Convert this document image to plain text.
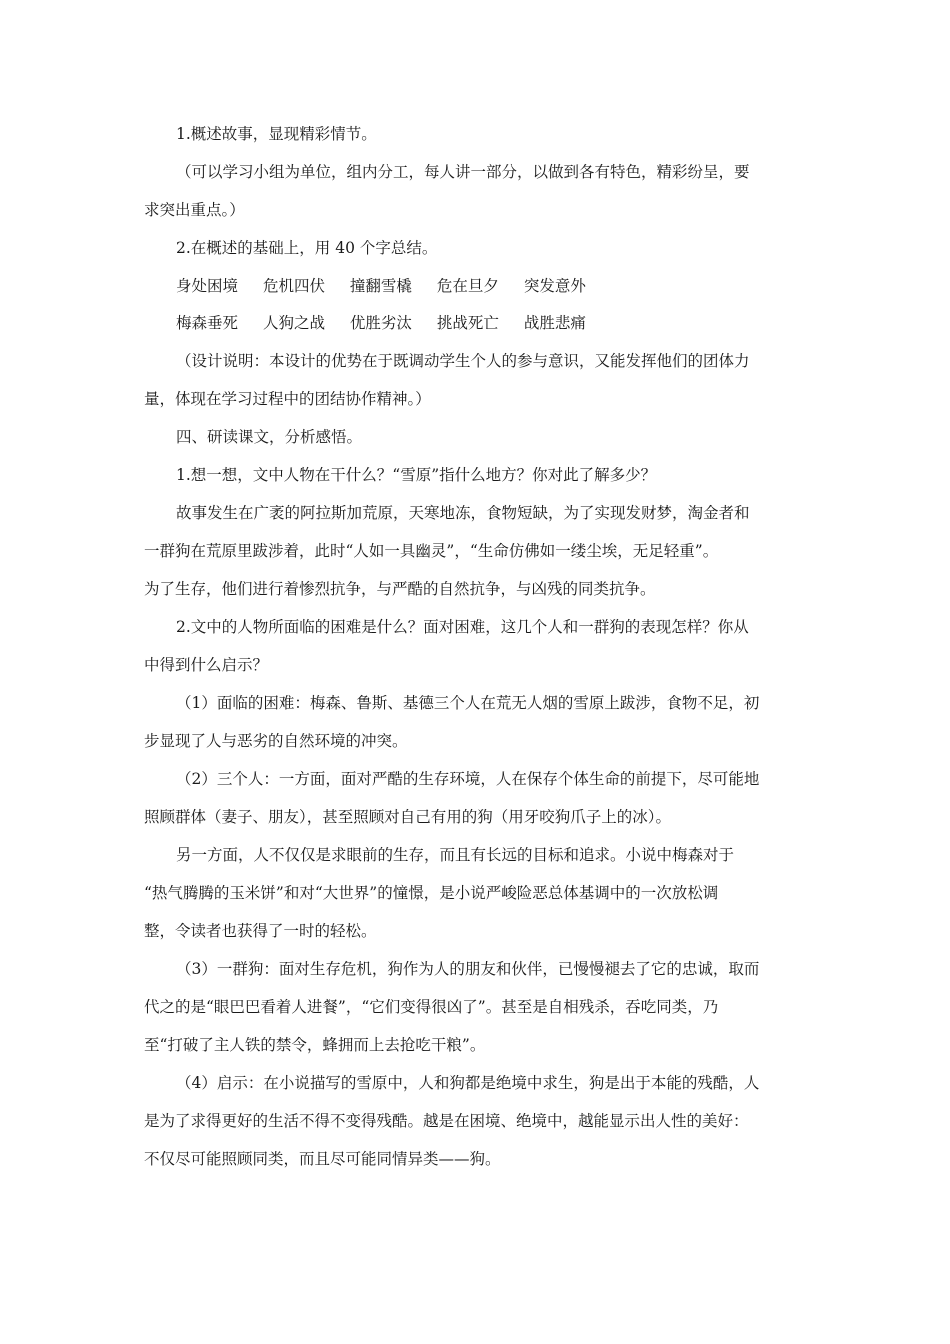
1.概述故事，显现精彩情节。
（可以学习小组为单位，组内分工，每人讲一部分，以做到各有特色，精彩纷呈，要
求突出重点。）
2.在概述的基础上，用 40 个字总结。
身处困境 危机四伏 撞翻雪橇 危在旦夕 突发意外
梅森垂死 人狗之战 优胜劣汰 挑战死亡 战胜悲痛
（设计说明：本设计的优势在于既调动学生个人的参与意识，又能发挥他们的团体力
量，体现在学习过程中的团结协作精神。）
四、研读课文，分析感悟。
1.想一想，文中人物在干什么？“雪原”指什么地方？你对此了解多少？
故事发生在广袤的阿拉斯加荒原，天寒地冻，食物短缺，为了实现发财梦，淘金者和
一群狗在荒原里跋涉着，此时“人如一具幽灵”，“生命仿佛如一缕尘埃，无足轻重”。
为了生存，他们进行着惨烈抗争，与严酷的自然抗争，与凶残的同类抗争。
2.文中的人物所面临的困难是什么？面对困难，这几个人和一群狗的表现怎样？你从
中得到什么启示？
（1）面临的困难：梅森、鲁斯、基德三个人在荒无人烟的雪原上跋涉，食物不足，初
步显现了人与恶劣的自然环境的冲突。
（2）三个人：一方面，面对严酷的生存环境，人在保存个体生命的前提下，尽可能地
照顾群体（妻子、朋友），甚至照顾对自己有用的狗（用牙咬狗爪子上的冰）。
另一方面，人不仅仅是求眼前的生存，而且有长远的目标和追求。小说中梅森对于
“热气腾腾的玉米饼”和对“大世界”的憧憬，是小说严峻险恶总体基调中的一次放松调
整，令读者也获得了一时的轻松。
（3）一群狗：面对生存危机，狗作为人的朋友和伙伴，已慢慢褪去了它的忠诚，取而
代之的是“眼巴巴看着人进餐”，“它们变得很凶了”。甚至是自相残杀，吞吃同类，乃
至“打破了主人铁的禁令，蜂拥而上去抢吃干粮”。
（4）启示：在小说描写的雪原中，人和狗都是绝境中求生，狗是出于本能的残酷，人
是为了求得更好的生活不得不变得残酷。越是在困境、绝境中，越能显示出人性的美好：
不仅尽可能照顾同类，而且尽可能同情异类——狗。
